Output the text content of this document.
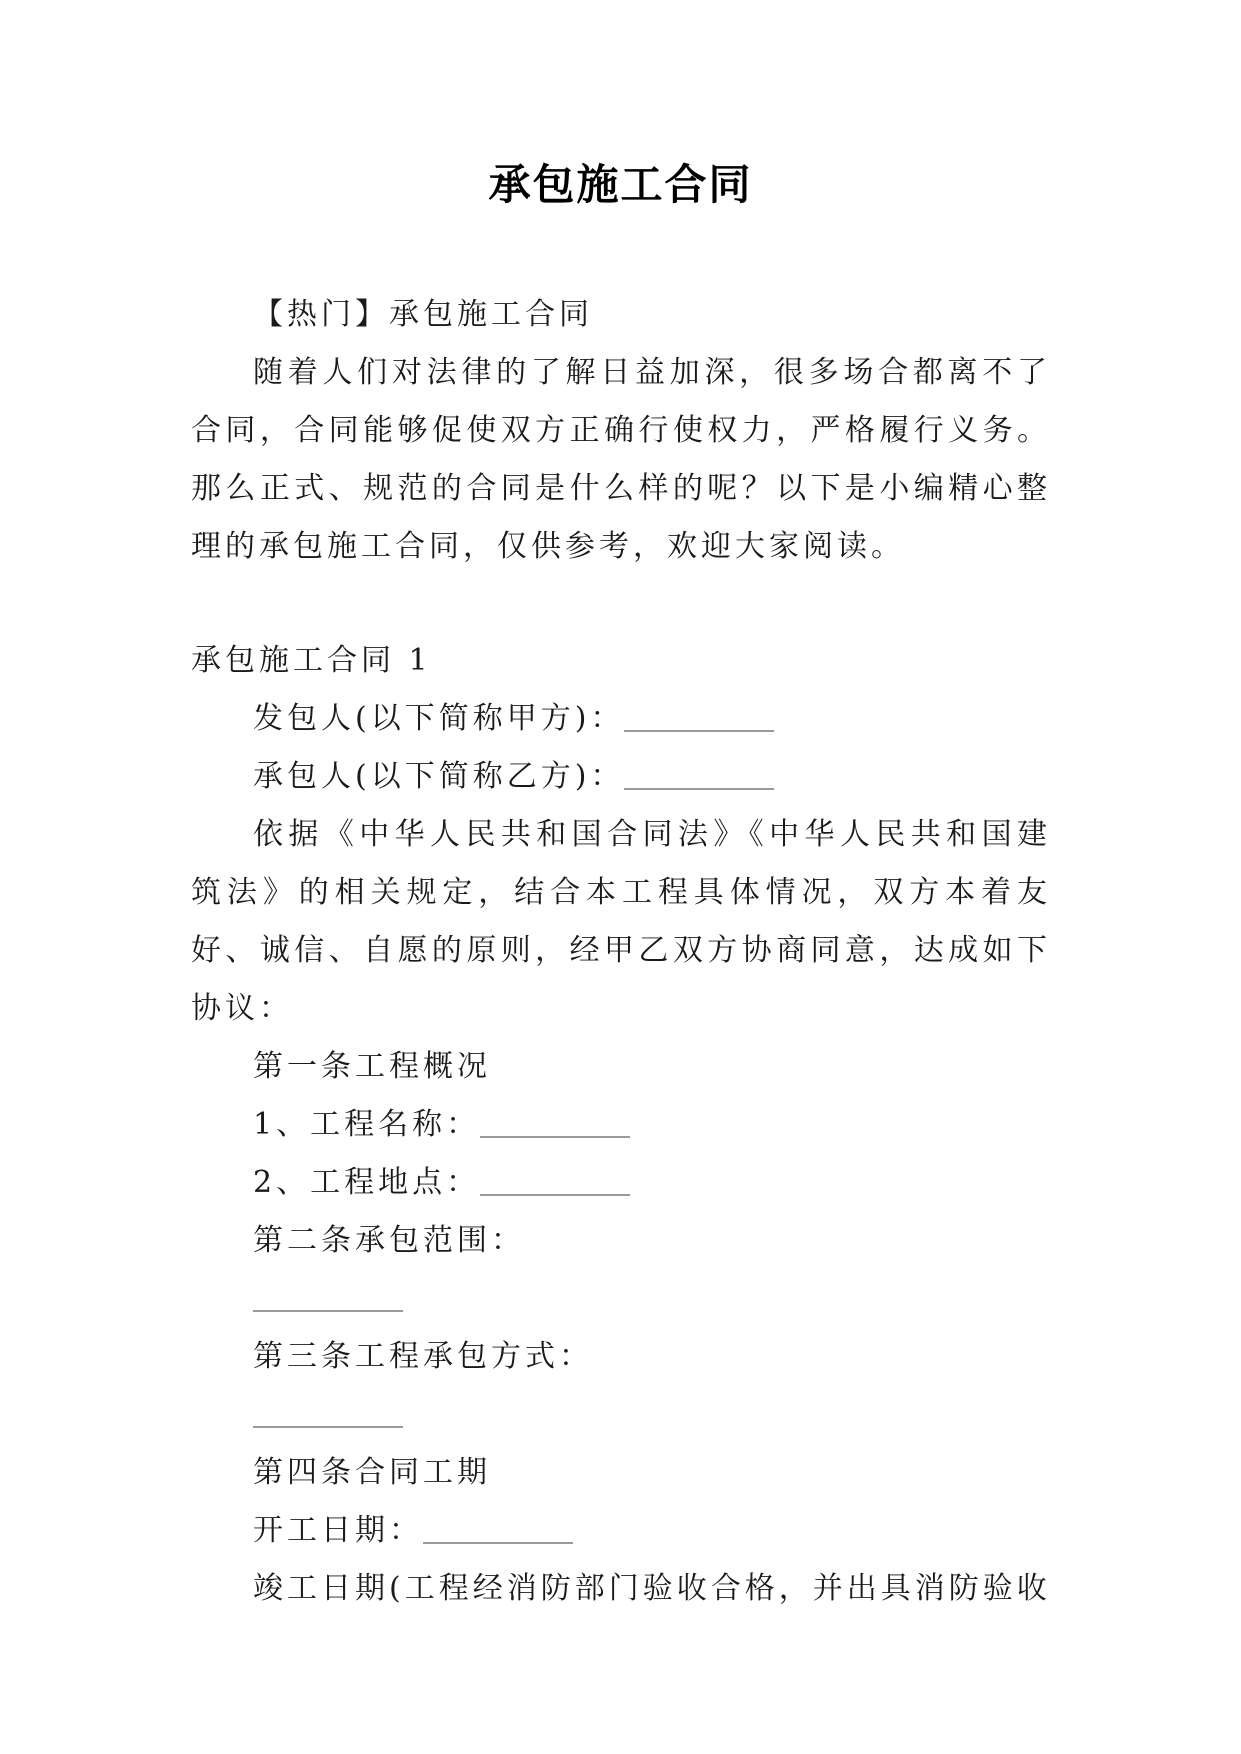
承包施工合同

【热门】承包施工合同

随着人们对法律的了解日益加深，很多场合都离不了合同，合同能够促使双方正确行使权力，严格履行义务。那么正式、规范的合同是什么样的呢？以下是小编精心整理的承包施工合同，仅供参考，欢迎大家阅读。

承包施工合同 1

发包人(以下简称甲方)：

承包人(以下简称乙方)：

依据《中华人民共和国合同法》《中华人民共和国建筑法》的相关规定，结合本工程具体情况，双方本着友好、诚信、自愿的原则，经甲乙双方协商同意，达成如下协议：

第一条工程概况

1、工程名称：

2、工程地点：

第二条承包范围：

第三条工程承包方式：

第四条合同工期

开工日期：

竣工日期(工程经消防部门验收合格，并出具消防验收
